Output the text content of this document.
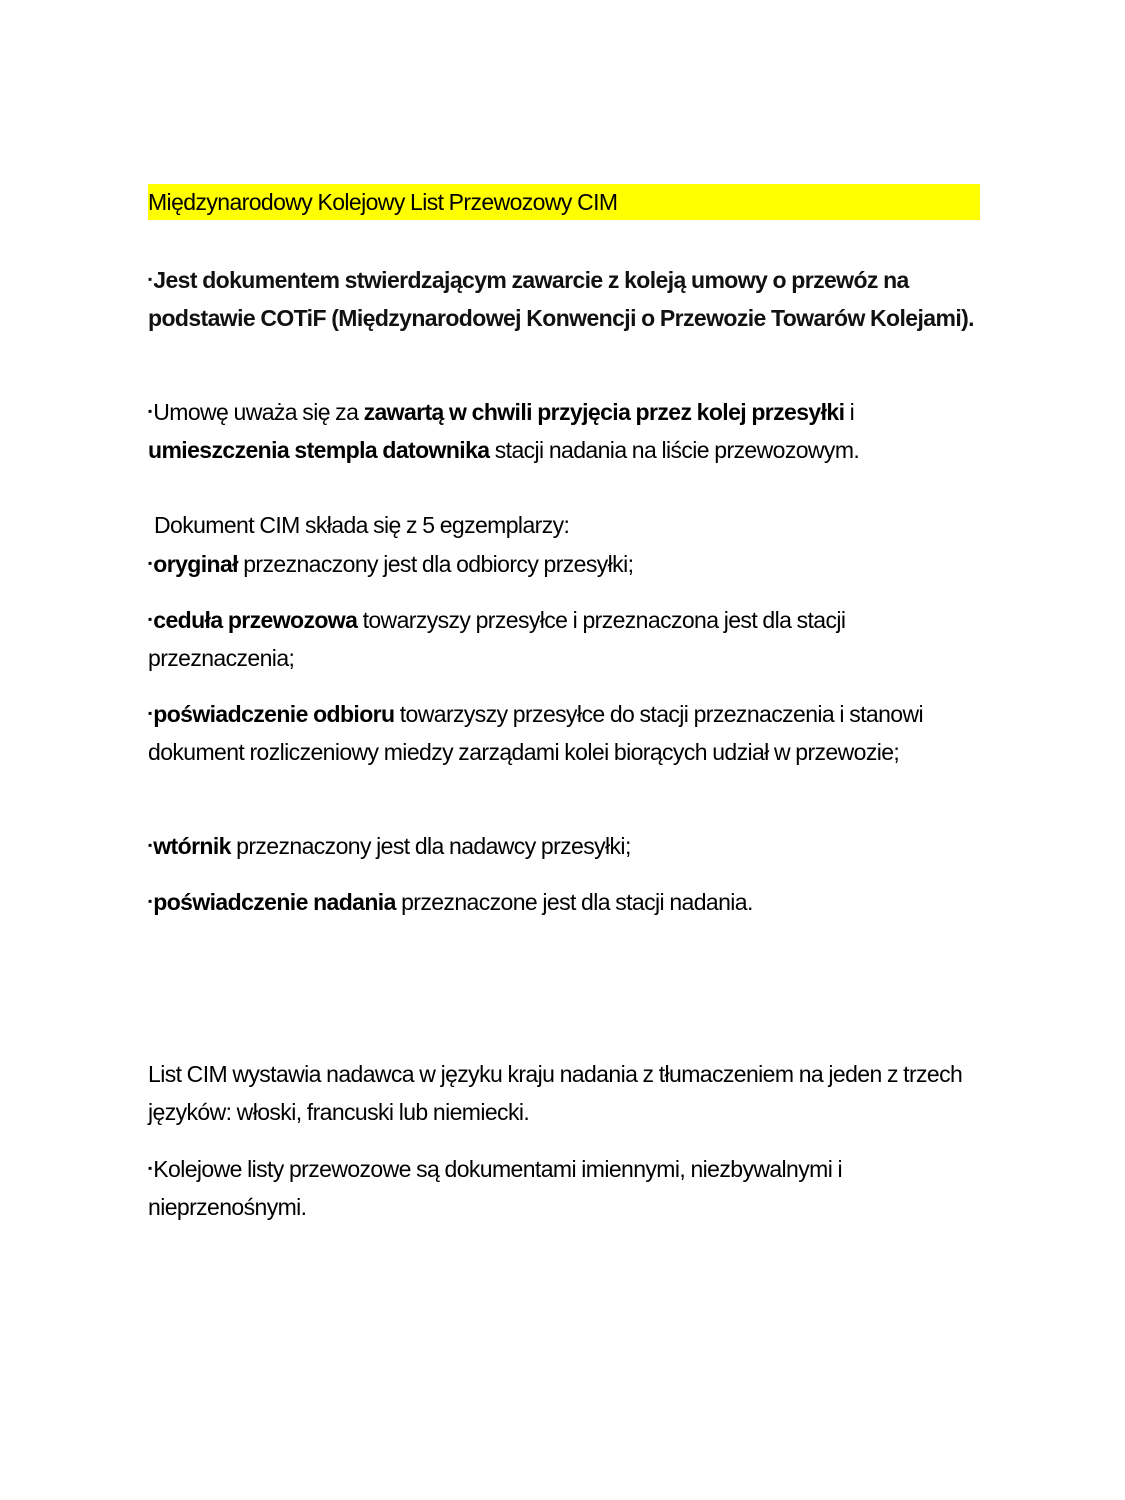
Międzynarodowy Kolejowy List Przewozowy CIM
▪Jest dokumentem stwierdzającym zawarcie z koleją umowy o przewóz na podstawie COTiF (Międzynarodowej Konwencji o Przewozie Towarów Kolejami).
▪Umowę uważa się za zawartą w chwili przyjęcia przez kolej przesyłki i umieszczenia stempla datownika stacji nadania na liście przewozowym.
Dokument CIM składa się z 5 egzemplarzy:
▪oryginał przeznaczony jest dla odbiorcy przesyłki;
▪ceduła przewozowa towarzyszy przesyłce i przeznaczona jest dla stacji przeznaczenia;
▪poświadczenie odbioru towarzyszy przesyłce do stacji przeznaczenia i stanowi dokument rozliczeniowy miedzy zarządami kolei biorących udział w przewozie;
▪wtórnik przeznaczony jest dla nadawcy przesyłki;
▪poświadczenie nadania przeznaczone jest dla stacji nadania.
List CIM wystawia nadawca w języku kraju nadania z tłumaczeniem na jeden z trzech języków: włoski, francuski lub niemiecki.
▪Kolejowe listy przewozowe są dokumentami imiennymi, niezbywalnymi i nieprzenośnymi.
